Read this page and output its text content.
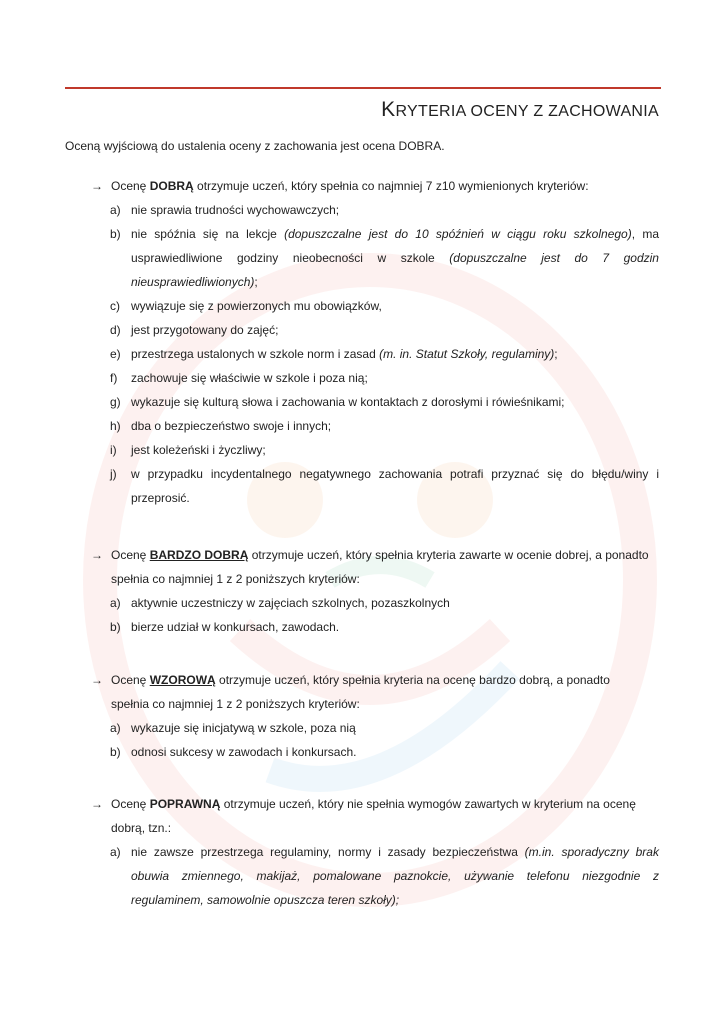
KRYTERIA OCENY Z ZACHOWANIA

Oceną wyjściową do ustalenia oceny z zachowania jest ocena DOBRA.

→ Ocenę DOBRĄ otrzymuje uczeń, który spełnia co najmniej 7 z10 wymienionych kryteriów:
a) nie sprawia trudności wychowawczych;
b) nie spóźnia się na lekcje (dopuszczalne jest do 10 spóźnień w ciągu roku szkolnego), ma usprawiedliwione godziny nieobecności w szkole (dopuszczalne jest do 7 godzin nieusprawiedliwionych);
c) wywiązuje się z powierzonych mu obowiązków,
d) jest przygotowany do zajęć;
e) przestrzega ustalonych w szkole norm i zasad (m. in. Statut Szkoły, regulaminy);
f)	zachowuje się właściwie w szkole i poza nią;
g) wykazuje się kulturą słowa i zachowania w kontaktach z dorosłymi i rówieśnikami;
h) dba o bezpieczeństwo swoje i innych;
i)	jest koleżeński i życzliwy;
j)	w przypadku incydentalnego negatywnego zachowania potrafi przyznać się do błędu/winy i przeprosić.
→ Ocenę BARDZO DOBRĄ otrzymuje uczeń, który spełnia kryteria zawarte w ocenie dobrej, a ponadto
spełnia co najmniej 1 z 2 poniższych kryteriów:
a) aktywnie uczestniczy w zajęciach szkolnych, pozaszkolnych
b) bierze udział w konkursach, zawodach.
→ Ocenę WZOROWĄ otrzymuje uczeń, który spełnia kryteria na ocenę bardzo dobrą, a ponadto
spełnia co najmniej 1 z 2 poniższych kryteriów:
a) wykazuje się inicjatywą w szkole, poza nią
b) odnosi sukcesy w zawodach i konkursach.
→ Ocenę POPRAWNĄ otrzymuje uczeń, który nie spełnia wymogów zawartych w kryterium na ocenę
dobrą, tzn.:
a) nie zawsze przestrzega regulaminy, normy i zasady bezpieczeństwa (m.in. sporadyczny brak obuwia zmiennego, makijaż, pomalowane paznokcie, używanie telefonu niezgodnie z regulaminem, samowolnie opuszcza teren szkoły);
